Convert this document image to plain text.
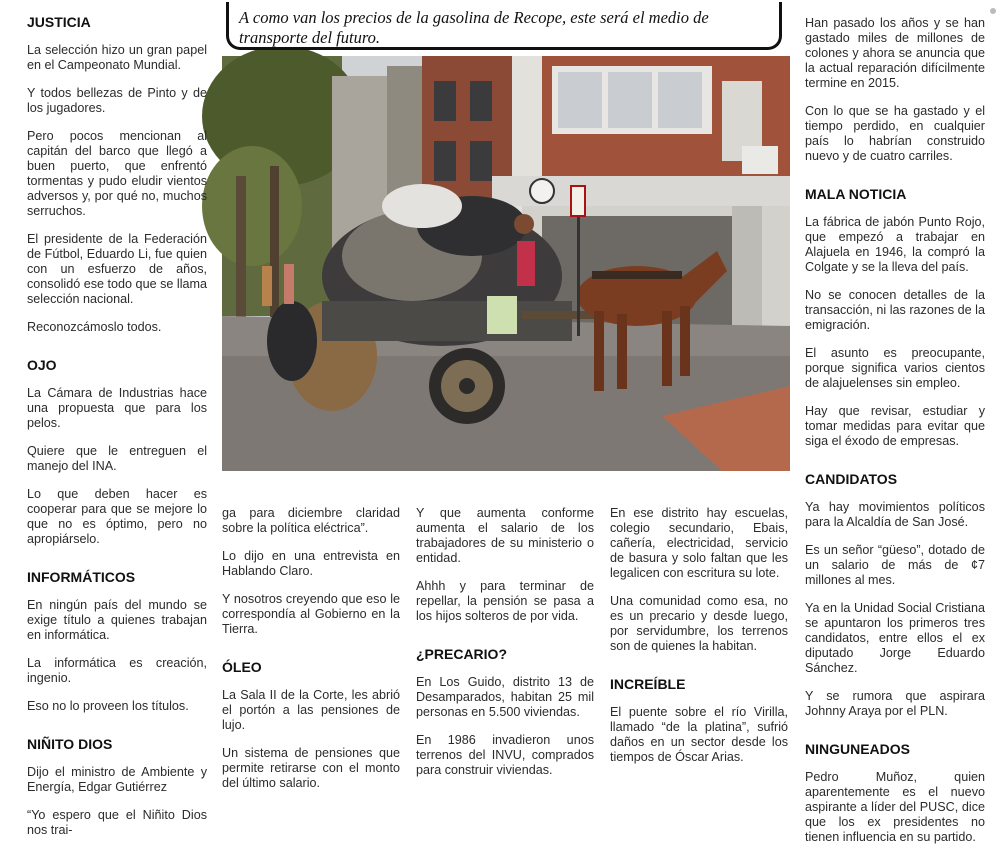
A como van los precios de la gasolina de Recope, este será el medio de transporte del futuro.
JUSTICIA

La selección hizo un gran papel en el Campeonato Mundial.

Y todos bellezas de Pinto y de los jugadores.

Pero pocos mencionan al capitán del barco que llegó a buen puerto, que enfrentó tormentas y pudo eludir vientos adversos y, por qué no, muchos serruchos.

El presidente de la Federación de Fútbol, Eduardo Li, fue quien con un esfuerzo de años, consolidó ese todo que se llama selección nacional.

Reconozcámoslo todos.

OJO

La Cámara de Industrias hace una propuesta que para los pelos.

Quiere que le entreguen el manejo del INA.

Lo que deben hacer es cooperar para que se mejore lo que no es óptimo, pero no apropiárselo.

INFORMÁTICOS

En ningún país del mundo se exige título a quienes trabajan en informática.

La informática es creación, ingenio.

Eso no lo proveen los títulos.

NIÑITO DIOS

Dijo el ministro de Ambiente y Energía, Edgar Gutiérrez

“Yo espero que el Niñito Dios nos trai-

ga para diciembre claridad sobre la política eléctrica”.

Lo dijo en una entrevista en Hablando Claro.

Y nosotros creyendo que eso le correspondía al Gobierno en la Tierra.

ÓLEO

La Sala II de la Corte, les abrió el portón a las pensiones de lujo.

Un sistema de pensiones que permite retirarse con el monto del último salario.

Y que aumenta conforme aumenta el salario de los trabajadores de su ministerio o entidad.

Ahhh y para terminar de repellar, la pensión se pasa a los hijos solteros de por vida.

¿PRECARIO?

En Los Guido, distrito 13 de Desamparados, habitan 25 mil personas en 5.500 viviendas.

En 1986 invadieron unos terrenos del INVU, comprados para construir viviendas.

En ese distrito hay escuelas, colegio secundario, Ebais, cañería, electricidad, servicio de basura y solo faltan que les legalicen con escritura su lote.

Una comunidad como esa, no es un precario y desde luego, por servidumbre, los terrenos son de quienes la habitan.

INCREÍBLE

El puente sobre el río Virilla, llamado “de la platina”, sufrió daños en un sector desde los tiempos de Óscar Arias.

Han pasado los años y se han gastado miles de millones de colones y ahora se anuncia que la actual reparación difícilmente termine en 2015.

Con lo que se ha gastado y el tiempo perdido, en cualquier país lo habrían construido nuevo y de cuatro carriles.

MALA NOTICIA

La fábrica de jabón Punto Rojo, que empezó a trabajar en Alajuela en 1946, la compró la Colgate y se la lleva del país.

No se conocen detalles de la transacción, ni las razones de la emigración.

El asunto es preocupante, porque significa varios cientos de alajuelenses sin empleo.

Hay que revisar, estudiar y tomar medidas para evitar que siga el éxodo de empresas.

CANDIDATOS

Ya hay movimientos políticos para la Alcaldía de San José.

Es un señor “güeso”, dotado de un salario de más de ¢7 millones al mes.

Ya en la Unidad Social Cristiana se apuntaron los primeros tres candidatos, entre ellos el ex diputado Jorge Eduardo Sánchez.

Y se rumora que aspirara Johnny Araya por el PLN.

NINGUNEADOS

Pedro Muñoz, quien aparentemente es el nuevo aspirante a líder del PUSC, dice que los ex presidentes no tienen influencia en su partido.
